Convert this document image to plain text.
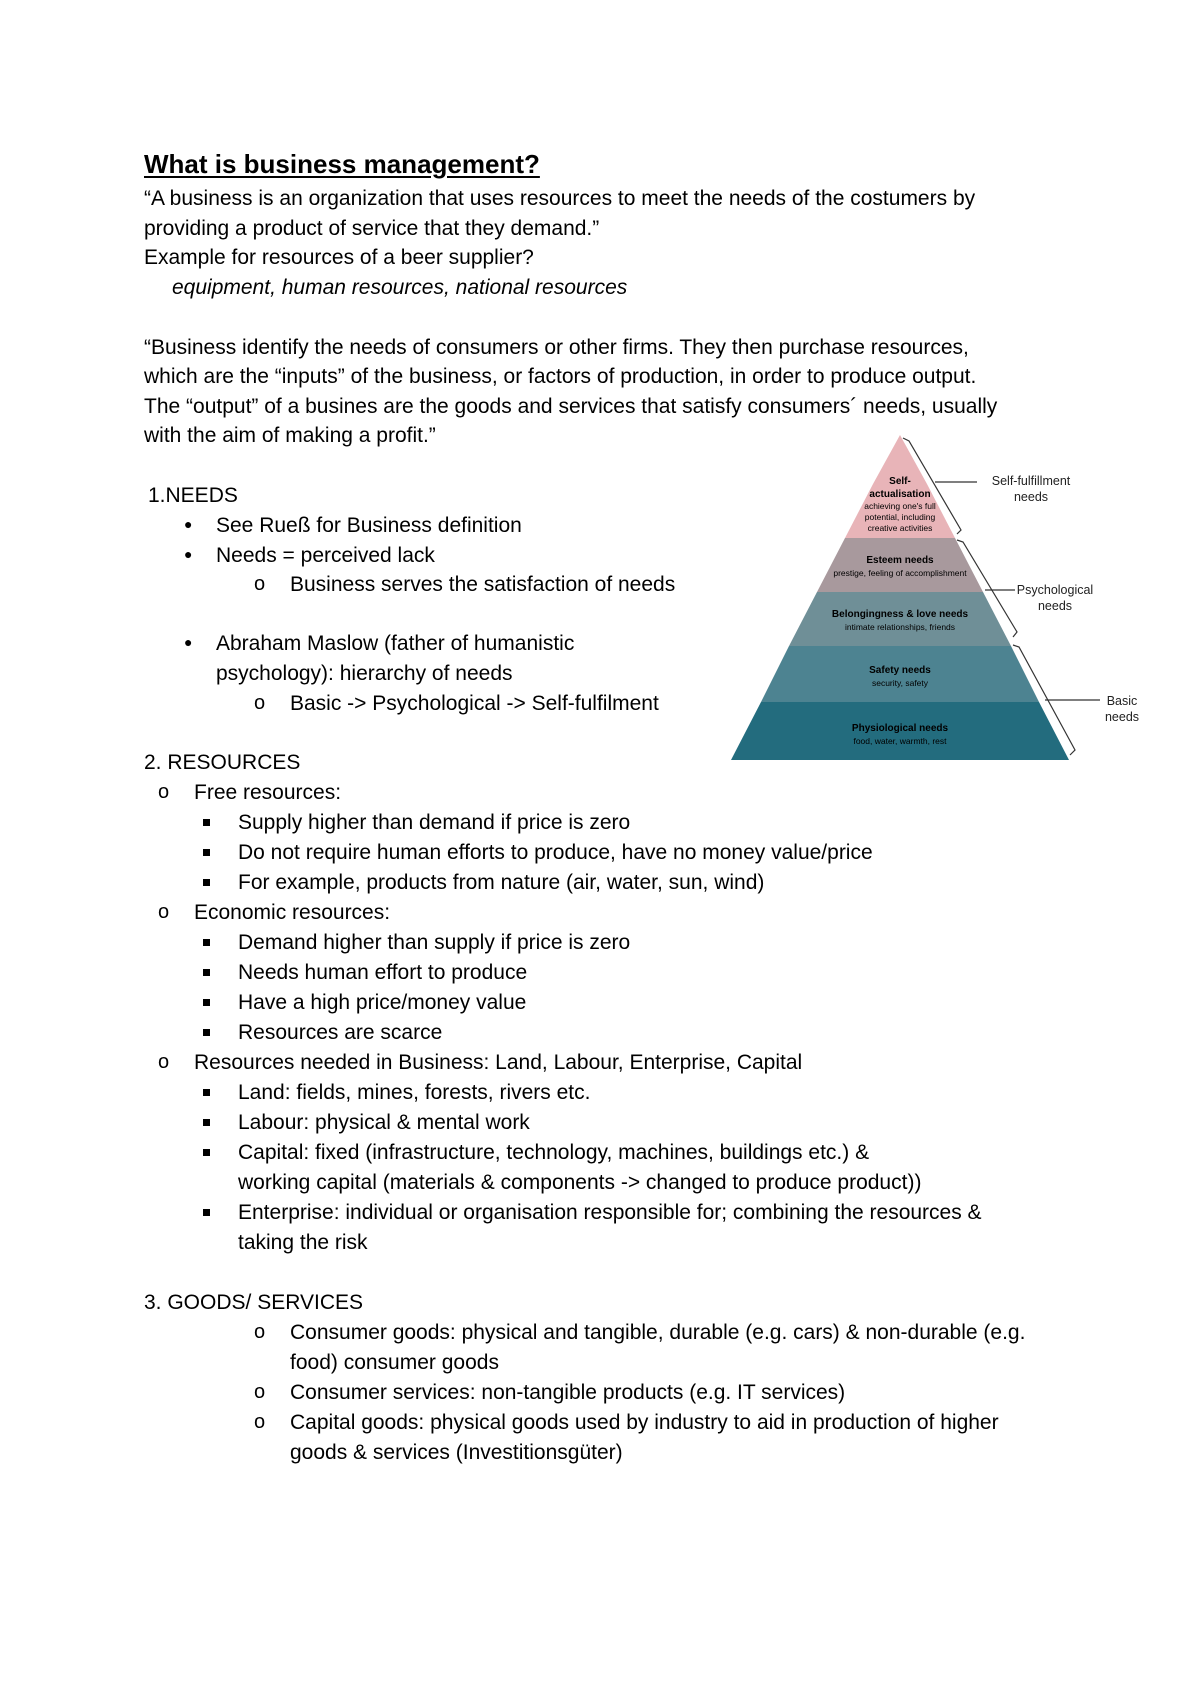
What is business management?
“A business is an organization that uses resources to meet the needs of the costumers by
providing a product of service that they demand.”
Example for resources of a beer supplier?
equipment, human resources, national resources
“Business identify the needs of consumers or other firms. They then purchase resources,
which are the “inputs” of the business, or factors of production, in order to produce output.
The “output” of a busines are the goods and services that satisfy consumers´ needs, usually
with the aim of making a profit.”
1.NEEDS
● See Rueß for Business definition
● Needs = perceived lack
o Business serves the satisfaction of needs
● Abraham Maslow (father of humanistic
psychology): hierarchy of needs
o Basic -> Psychological -> Self-fulfilment
Self-
actualisation
achieving one's full
potential, including
creative activities
Esteem needs
prestige, feeling of accomplishment
Belongingness & love needs
intimate relationships, friends
Safety needs
security, safety
Physiological needs
food, water, warmth, rest
Self-fulfillment
needs
Psychological
needs
Basic
needs
2. RESOURCES
o Free resources:
Supply higher than demand if price is zero
Do not require human efforts to produce, have no money value/price
For example, products from nature (air, water, sun, wind)
o Economic resources:
Demand higher than supply if price is zero
Needs human effort to produce
Have a high price/money value
Resources are scarce
o Resources needed in Business: Land, Labour, Enterprise, Capital
Land: fields, mines, forests, rivers etc.
Labour: physical & mental work
Capital: fixed (infrastructure, technology, machines, buildings etc.) &
working capital (materials & components -> changed to produce product))
Enterprise: individual or organisation responsible for; combining the resources &
taking the risk
3. GOODS/ SERVICES
o Consumer goods: physical and tangible, durable (e.g. cars) & non-durable (e.g.
food) consumer goods
o Consumer services: non-tangible products (e.g. IT services)
o Capital goods: physical goods used by industry to aid in production of higher
goods & services (Investitionsgüter)
